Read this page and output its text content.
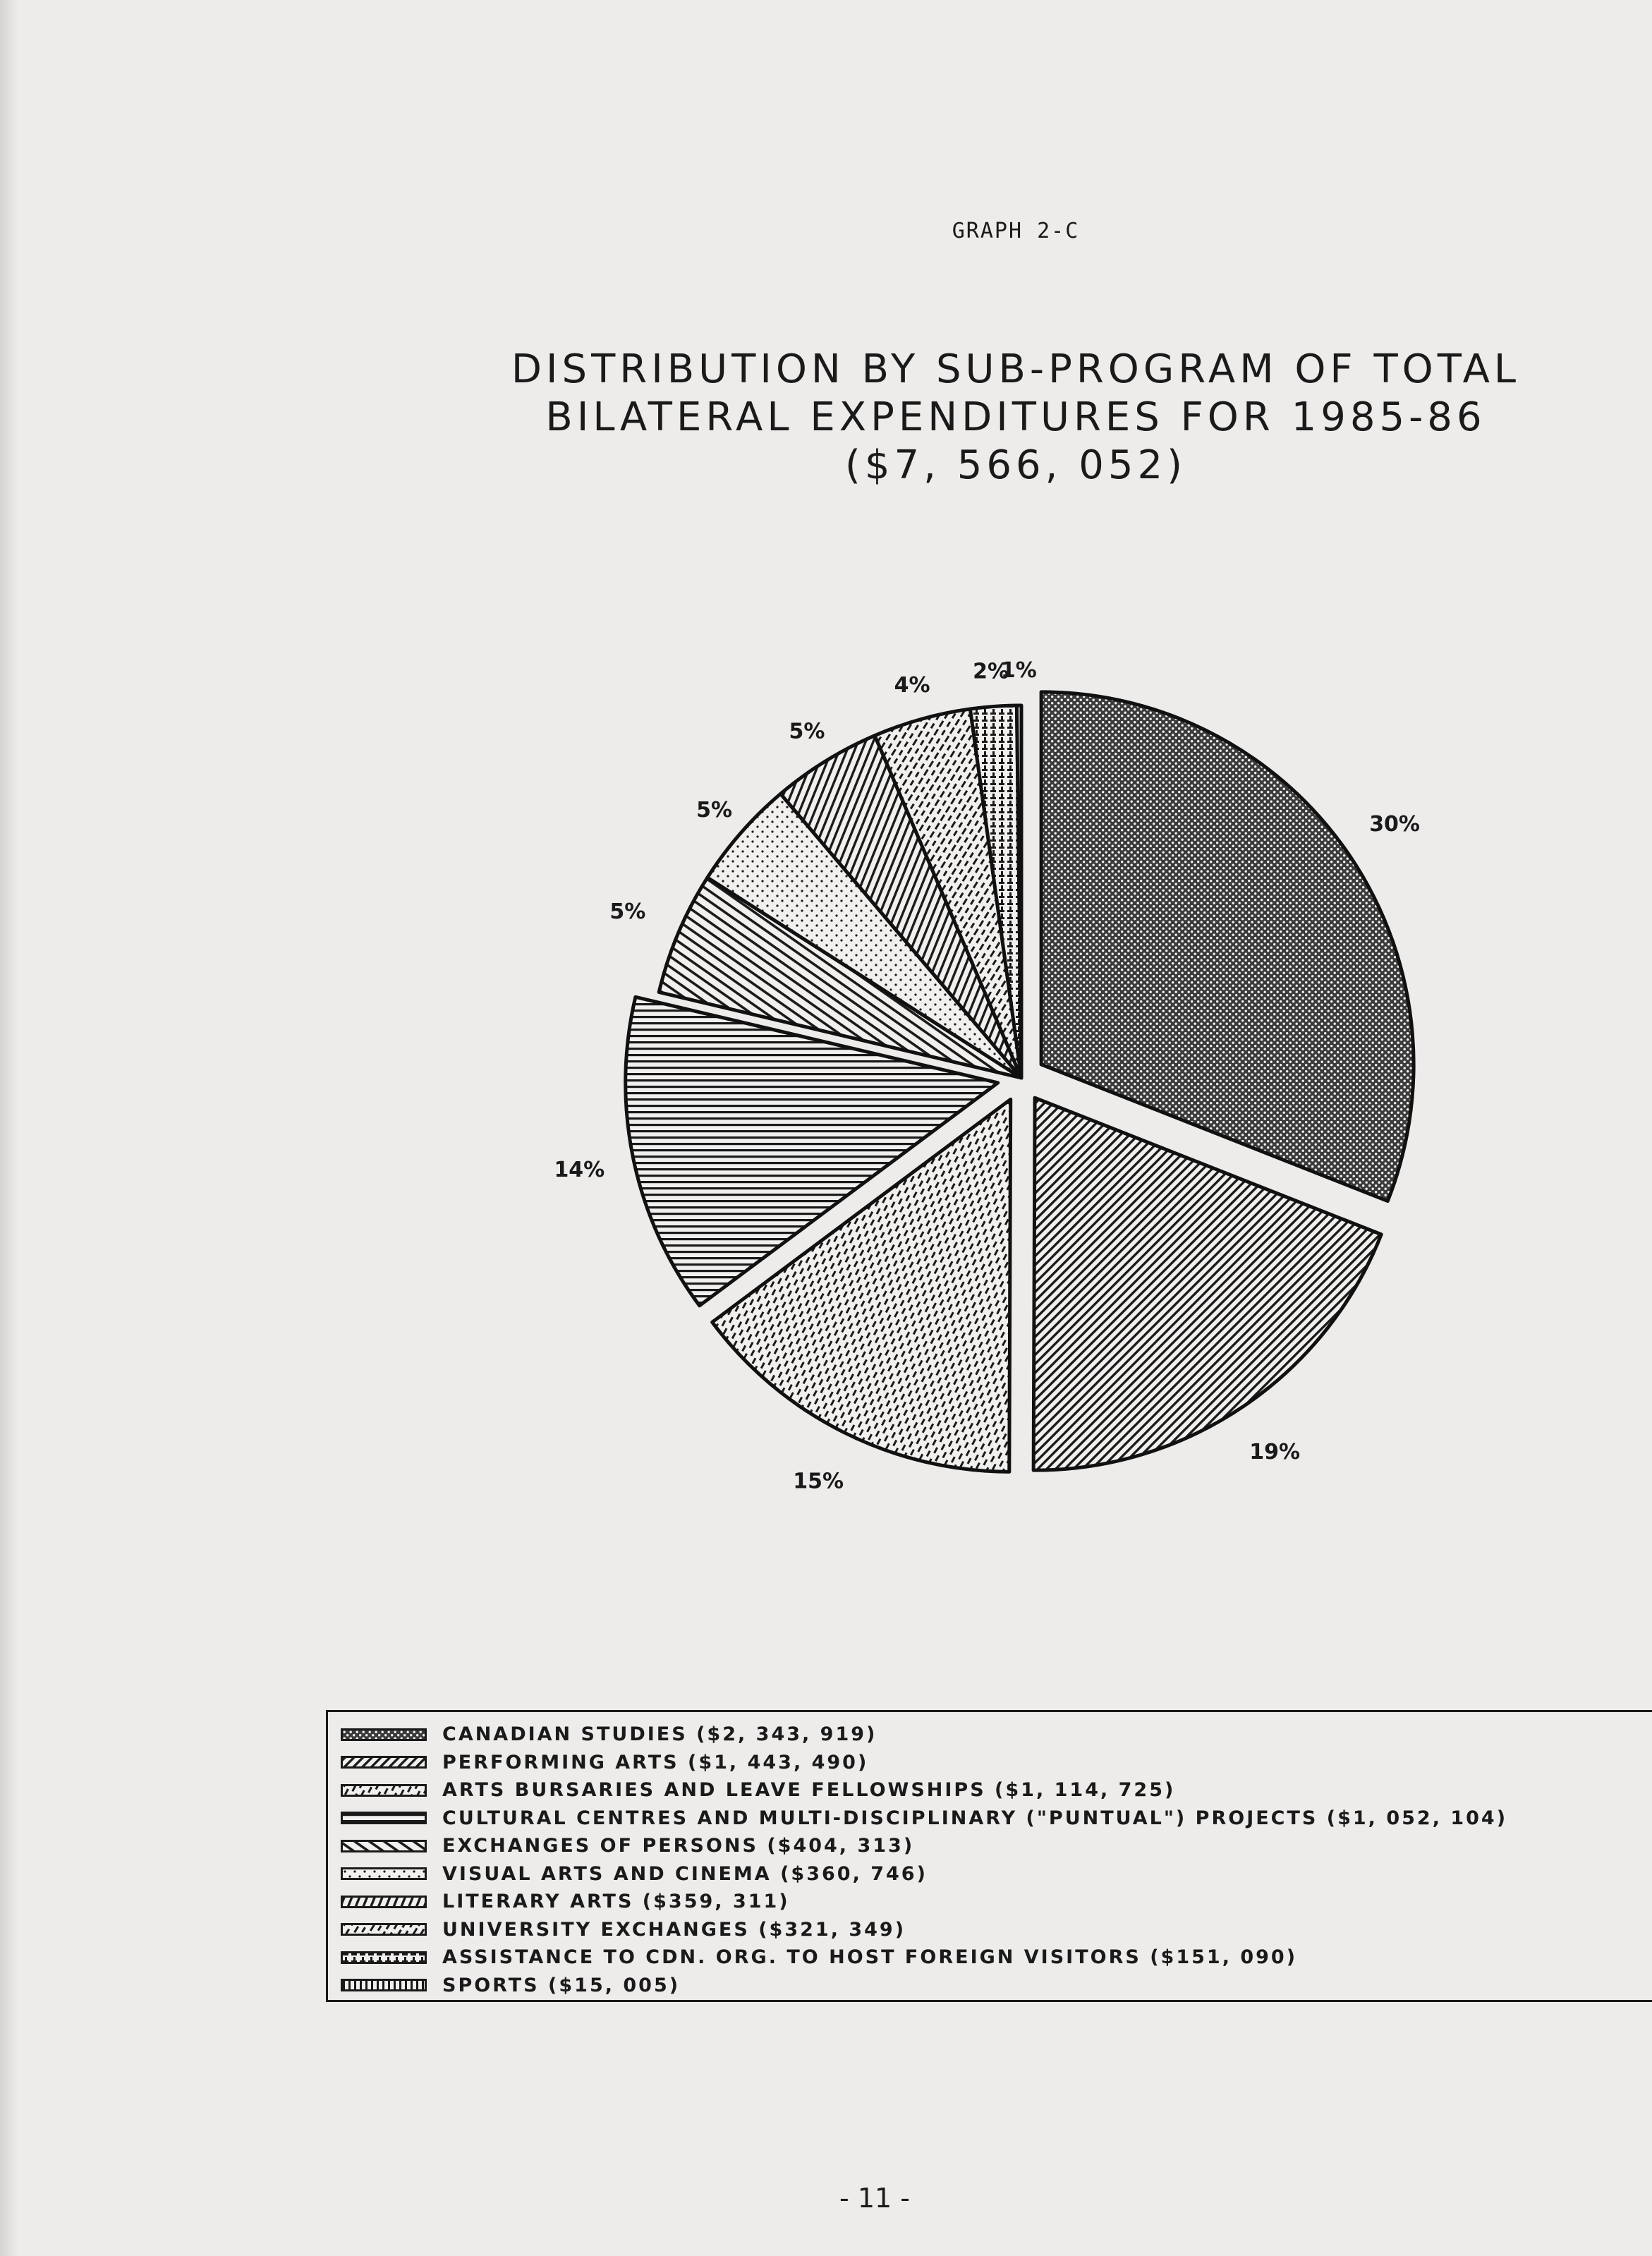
GRAPH 2-C
DISTRIBUTION BY SUB-PROGRAM OF TOTAL
BILATERAL EXPENDITURES FOR 1985-86
($7, 566, 052)
30%
19%
15%
14%
5%
5%
5%
4%
2%
1%
CANADIAN STUDIES ($2, 343, 919)
PERFORMING ARTS ($1, 443, 490)
ARTS BURSARIES AND LEAVE FELLOWSHIPS ($1, 114, 725)
CULTURAL CENTRES AND MULTI-DISCIPLINARY ("PUNTUAL") PROJECTS ($1, 052, 104)
EXCHANGES OF PERSONS ($404, 313)
VISUAL ARTS AND CINEMA ($360, 746)
LITERARY ARTS ($359, 311)
UNIVERSITY EXCHANGES ($321, 349)
ASSISTANCE TO CDN. ORG. TO HOST FOREIGN VISITORS ($151, 090)
SPORTS ($15, 005)
- 11 -
